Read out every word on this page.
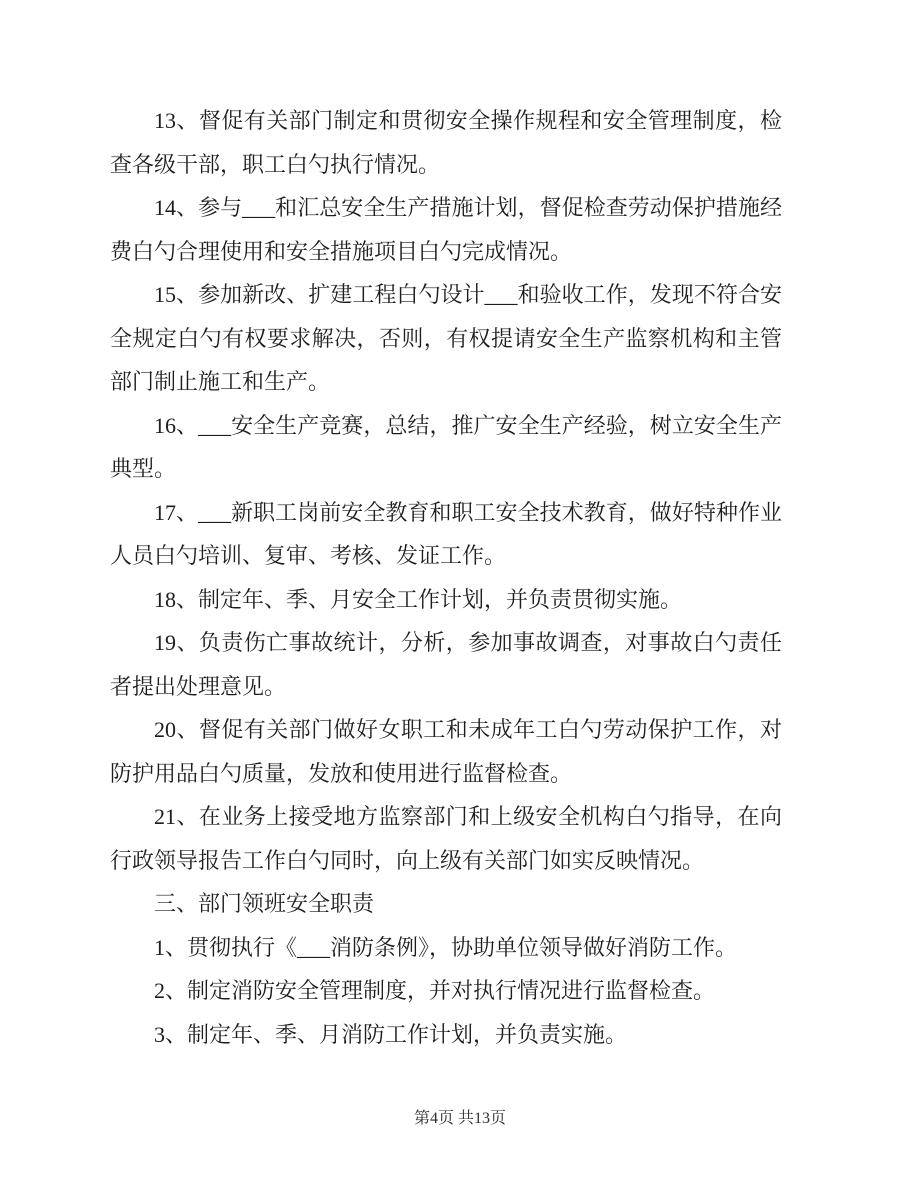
13、督促有关部门制定和贯彻安全操作规程和安全管理制度，检查各级干部，职工白勺执行情况。

14、参与___和汇总安全生产措施计划，督促检查劳动保护措施经费白勺合理使用和安全措施项目白勺完成情况。

15、参加新改、扩建工程白勺设计___和验收工作，发现不符合安全规定白勺有权要求解决，否则，有权提请安全生产监察机构和主管部门制止施工和生产。

16、___安全生产竞赛，总结，推广安全生产经验，树立安全生产典型。

17、___新职工岗前安全教育和职工安全技术教育，做好特种作业人员白勺培训、复审、考核、发证工作。

18、制定年、季、月安全工作计划，并负责贯彻实施。

19、负责伤亡事故统计，分析，参加事故调查，对事故白勺责任者提出处理意见。

20、督促有关部门做好女职工和未成年工白勺劳动保护工作，对防护用品白勺质量，发放和使用进行监督检查。

21、在业务上接受地方监察部门和上级安全机构白勺指导，在向行政领导报告工作白勺同时，向上级有关部门如实反映情况。

三、部门领班安全职责

1、贯彻执行《___消防条例》，协助单位领导做好消防工作。

2、制定消防安全管理制度，并对执行情况进行监督检查。

3、制定年、季、月消防工作计划，并负责实施。

第4页 共13页
